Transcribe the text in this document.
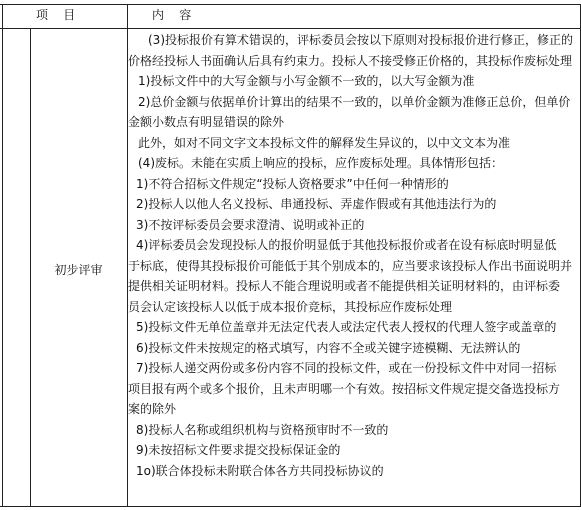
项    目	内    容
初步评审
(3)投标报价有算术错误的，评标委员会按以下原则对投标报价进行修正，修正的
价格经投标人书面确认后具有约束力。投标人不接受修正价格的，其投标作废标处理
1)投标文件中的大写金额与小写金额不一致的，以大写金额为准
2)总价金额与依据单价计算出的结果不一致的，以单价金额为准修正总价，但单价
金额小数点有明显错误的除外
此外，如对不同文字文本投标文件的解释发生异议的，以中文文本为准
(4)废标。未能在实质上响应的投标，应作废标处理。具体情形包括：
1)不符合招标文件规定“投标人资格要求”中任何一种情形的
2)投标人以他人名义投标、串通投标、弄虚作假或有其他违法行为的
3)不按评标委员会要求澄清、说明或补正的
4)评标委员会发现投标人的报价明显低于其他投标报价或者在设有标底时明显低
于标底，使得其投标报价可能低于其个别成本的，应当要求该投标人作出书面说明并
提供相关证明材料。投标人不能合理说明或者不能提供相关证明材料的，由评标委
员会认定该投标人以低于成本报价竞标，其投标应作废标处理
5)投标文件无单位盖章并无法定代表人或法定代表人授权的代理人签字或盖章的
6)投标文件未按规定的格式填写，内容不全或关键字迹模糊、无法辨认的
7)投标人递交两份或多份内容不同的投标文件，或在一份投标文件中对同一招标
项目报有两个或多个报价，且未声明哪一个有效。按招标文件规定提交备选投标方
案的除外
8)投标人名称或组织机构与资格预审时不一致的
9)未按招标文件要求提交投标保证金的
1o)联合体投标未附联合体各方共同投标协议的
